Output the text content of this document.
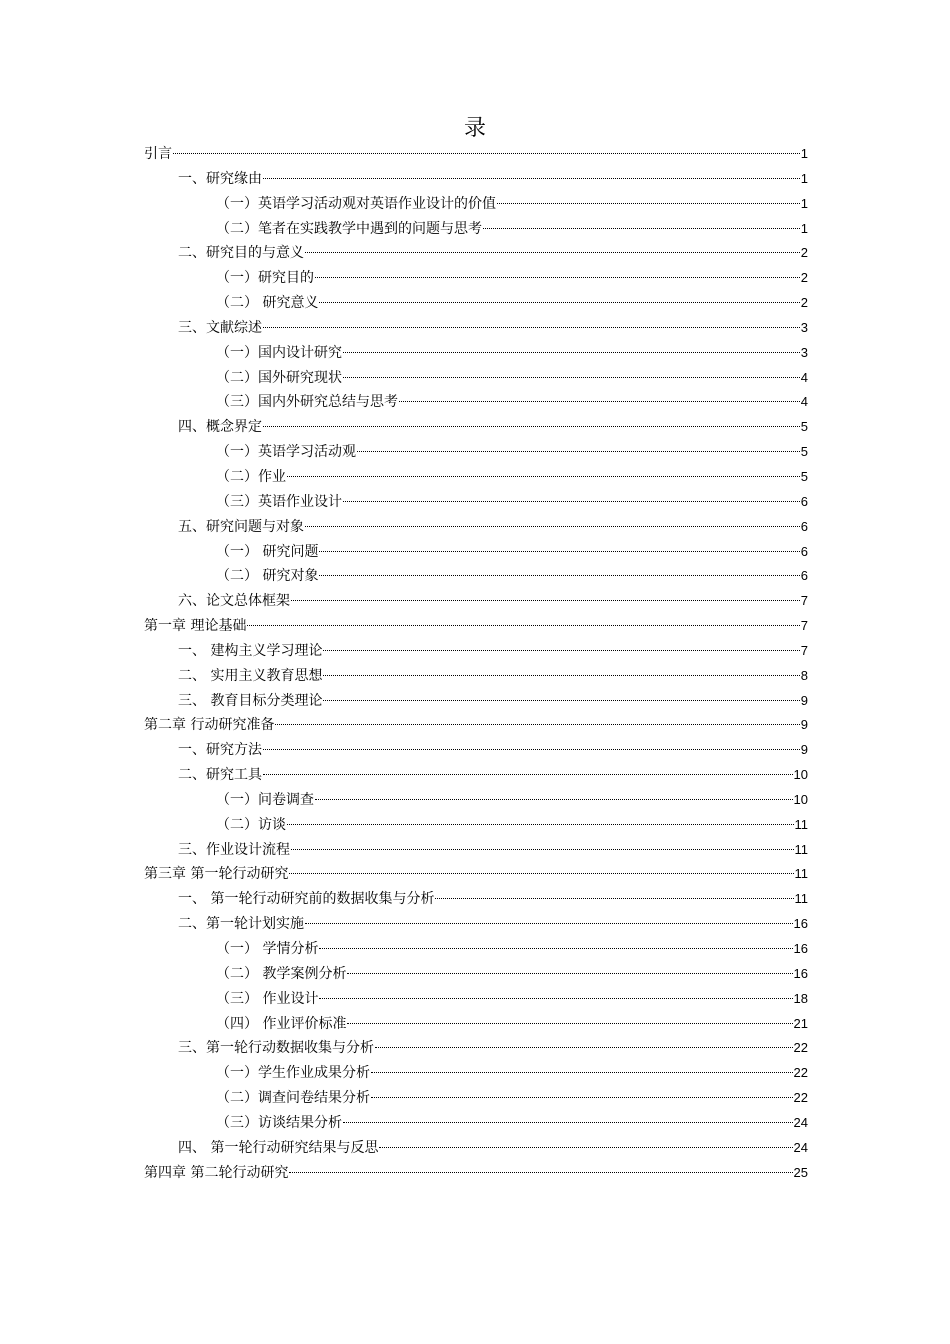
录
引言	1
一、研究缘由	1
（一）英语学习活动观对英语作业设计的价值	1
（二）笔者在实践教学中遇到的问题与思考	1
二、研究目的与意义	2
（一）研究目的	2
（二） 研究意义	2
三、文献综述	3
（一）国内设计研究	3
（二）国外研究现状	4
（三）国内外研究总结与思考	4
四、概念界定	5
（一）英语学习活动观	5
（二）作业	5
（三）英语作业设计	6
五、研究问题与对象	6
（一） 研究问题	6
（二） 研究对象	6
六、论文总体框架	7
第一章 理论基础	7
一、 建构主义学习理论	7
二、 实用主义教育思想	8
三、 教育目标分类理论	9
第二章 行动研究准备	9
一、研究方法	9
二、研究工具	10
（一）问卷调查	10
（二）访谈	11
三、作业设计流程	11
第三章 第一轮行动研究	11
一、 第一轮行动研究前的数据收集与分析	11
二、第一轮计划实施	16
（一） 学情分析	16
（二） 教学案例分析	16
（三） 作业设计	18
（四） 作业评价标准	21
三、第一轮行动数据收集与分析	22
（一）学生作业成果分析	22
（二）调查问卷结果分析	22
（三）访谈结果分析	24
四、 第一轮行动研究结果与反思	24
第四章 第二轮行动研究	25
